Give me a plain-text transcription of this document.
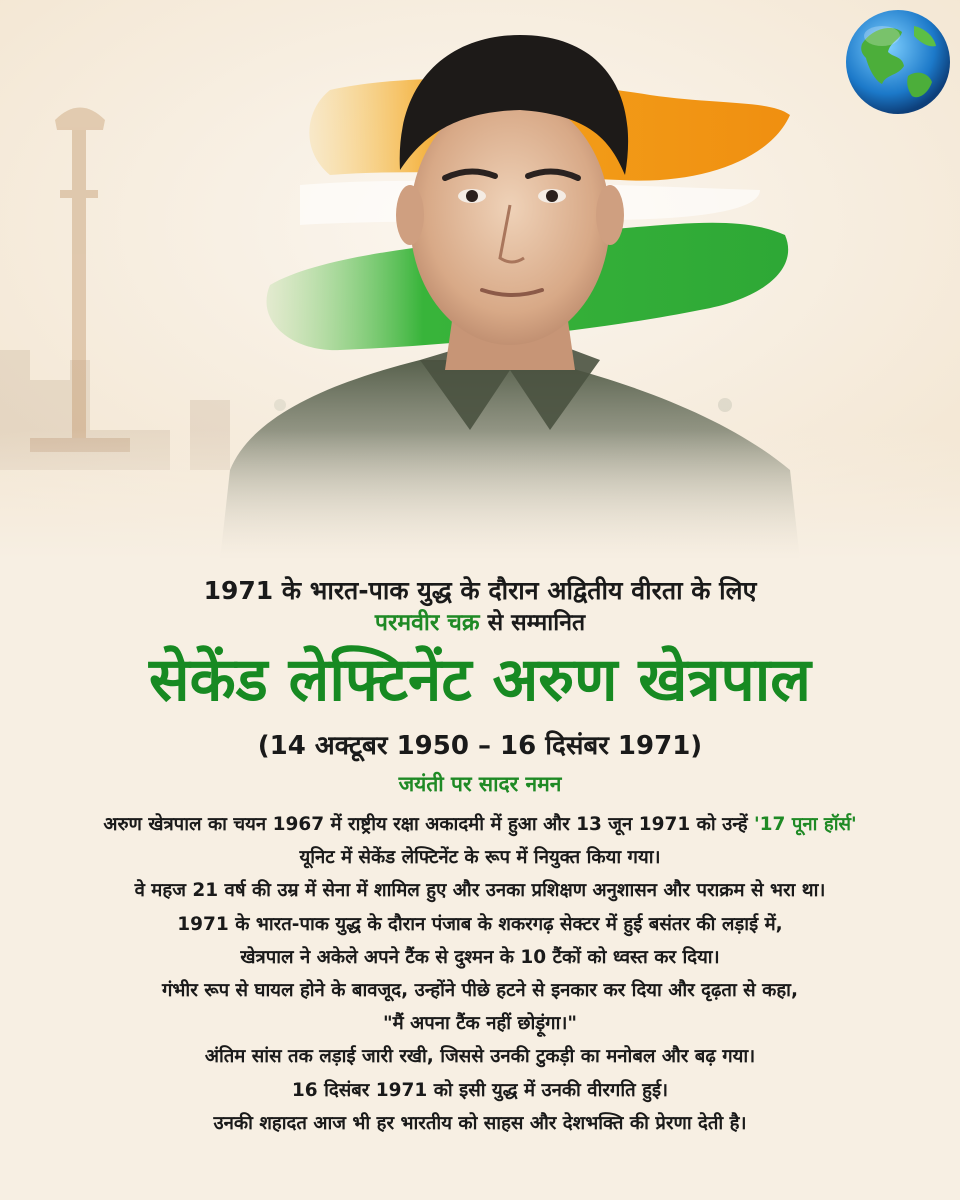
1971 के भारत-पाक युद्ध के दौरान अद्वितीय वीरता के लिए

परमवीर चक्र से सम्मानित

सेकेंड लेफ्टिनेंट अरुण खेत्रपाल

(14 अक्टूबर 1950 – 16 दिसंबर 1971)

जयंती पर सादर नमन

अरुण खेत्रपाल का चयन 1967 में राष्ट्रीय रक्षा अकादमी में हुआ और 13 जून 1971 को उन्हें '17 पूना हॉर्स'

यूनिट में सेकेंड लेफ्टिनेंट के रूप में नियुक्त किया गया।

वे महज 21 वर्ष की उम्र में सेना में शामिल हुए और उनका प्रशिक्षण अनुशासन और पराक्रम से भरा था।

1971 के भारत-पाक युद्ध के दौरान पंजाब के शकरगढ़ सेक्टर में हुई बसंतर की लड़ाई में,

खेत्रपाल ने अकेले अपने टैंक से दुश्मन के 10 टैंकों को ध्वस्त कर दिया।

गंभीर रूप से घायल होने के बावजूद, उन्होंने पीछे हटने से इनकार कर दिया और दृढ़ता से कहा,

"मैं अपना टैंक नहीं छोड़ूंगा।"

अंतिम सांस तक लड़ाई जारी रखी, जिससे उनकी टुकड़ी का मनोबल और बढ़ गया।

16 दिसंबर 1971 को इसी युद्ध में उनकी वीरगति हुई।

उनकी शहादत आज भी हर भारतीय को साहस और देशभक्ति की प्रेरणा देती है।
